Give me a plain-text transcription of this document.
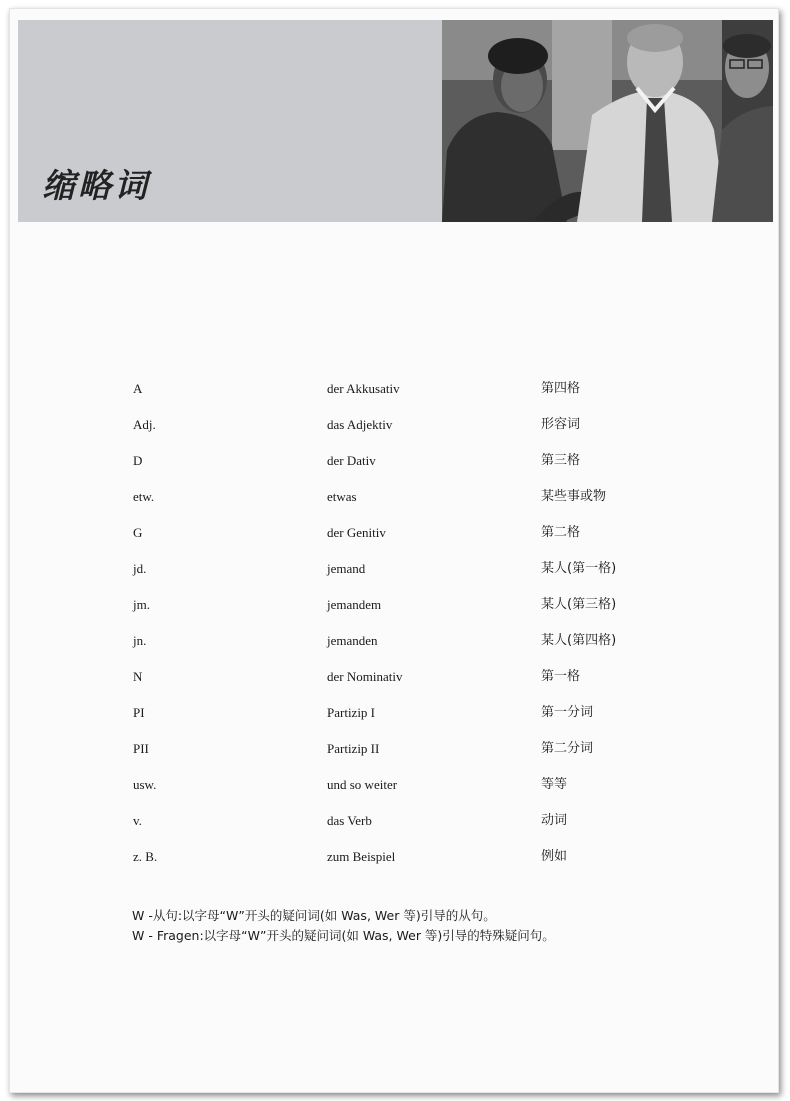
缩略词
A	der Akkusativ	第四格
Adj.	das Adjektiv	形容词
D	der Dativ	第三格
etw.	etwas	某些事或物
G	der Genitiv	第二格
jd.	jemand	某人(第一格)
jm.	jemandem	某人(第三格)
jn.	jemanden	某人(第四格)
N	der Nominativ	第一格
PI	Partizip I	第一分词
PII	Partizip II	第二分词
usw.	und so weiter	等等
v.	das Verb	动词
z. B.	zum Beispiel	例如

W -从句:以字母“W”开头的疑问词(如 Was, Wer 等)引导的从句。

W - Fragen:以字母“W”开头的疑问词(如 Was, Wer 等)引导的特殊疑问句。
